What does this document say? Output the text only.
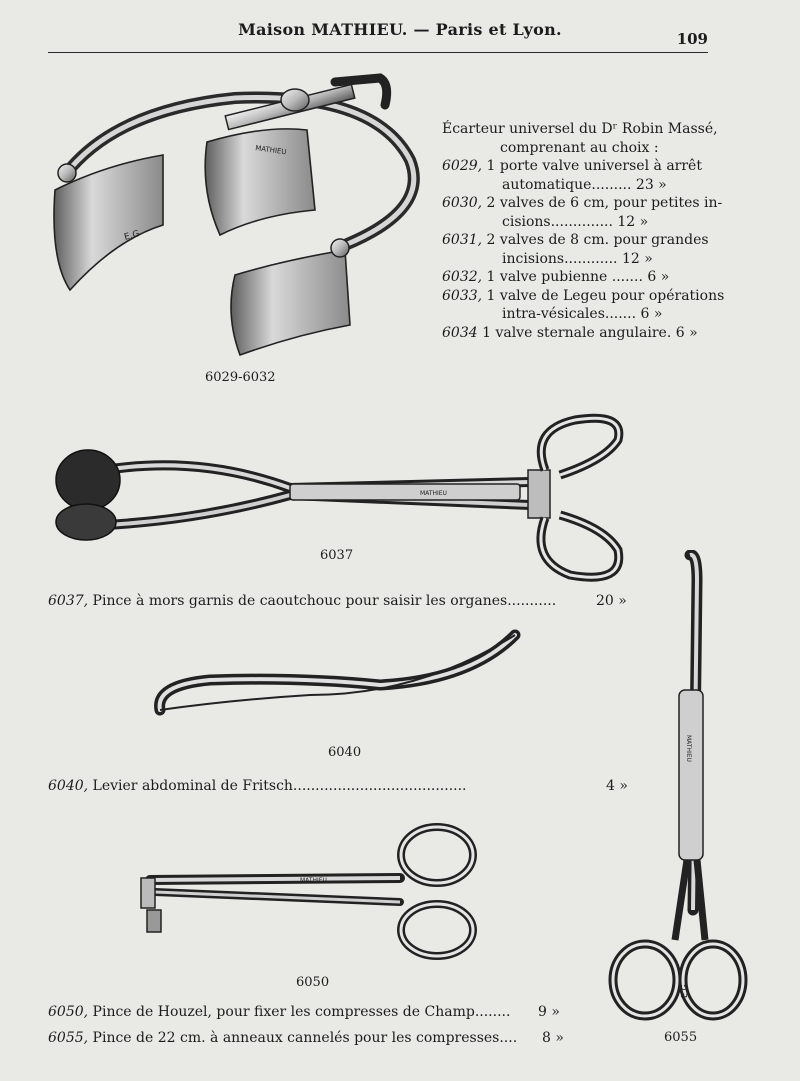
Maison MATHIEU. — Paris et Lyon.	109
E.G
MATHIEU
Écarteur universel du Dʳ Robin Massé,
comprenant au choix :
6029, 1 porte valve universel à arrêt
automatique......... 23 »
6030, 2 valves de 6 cm, pour petites in-
cisions.............. 12 »
6031, 2 valves de 8 cm. pour grandes
incisions............ 12 »
6032, 1 valve pubienne ....... 6 »
6033, 1 valve de Legeu pour opérations
intra-vésicales....... 6 »
6034 1 valve sternale angulaire. 6 »
6029-6032
MATHIEU
6037
6037, Pince à mors garnis de caoutchouc pour saisir les organes...........	20 »
6040
6040, Levier abdominal de Fritsch.......................................	4 »
MATHIEU
6050
MATHIEU
E.G
6055
6050, Pince de Houzel, pour fixer les compresses de Champ........ 9 »
6055, Pince de 22 cm. à anneaux cannelés pour les compresses.... 8 »
